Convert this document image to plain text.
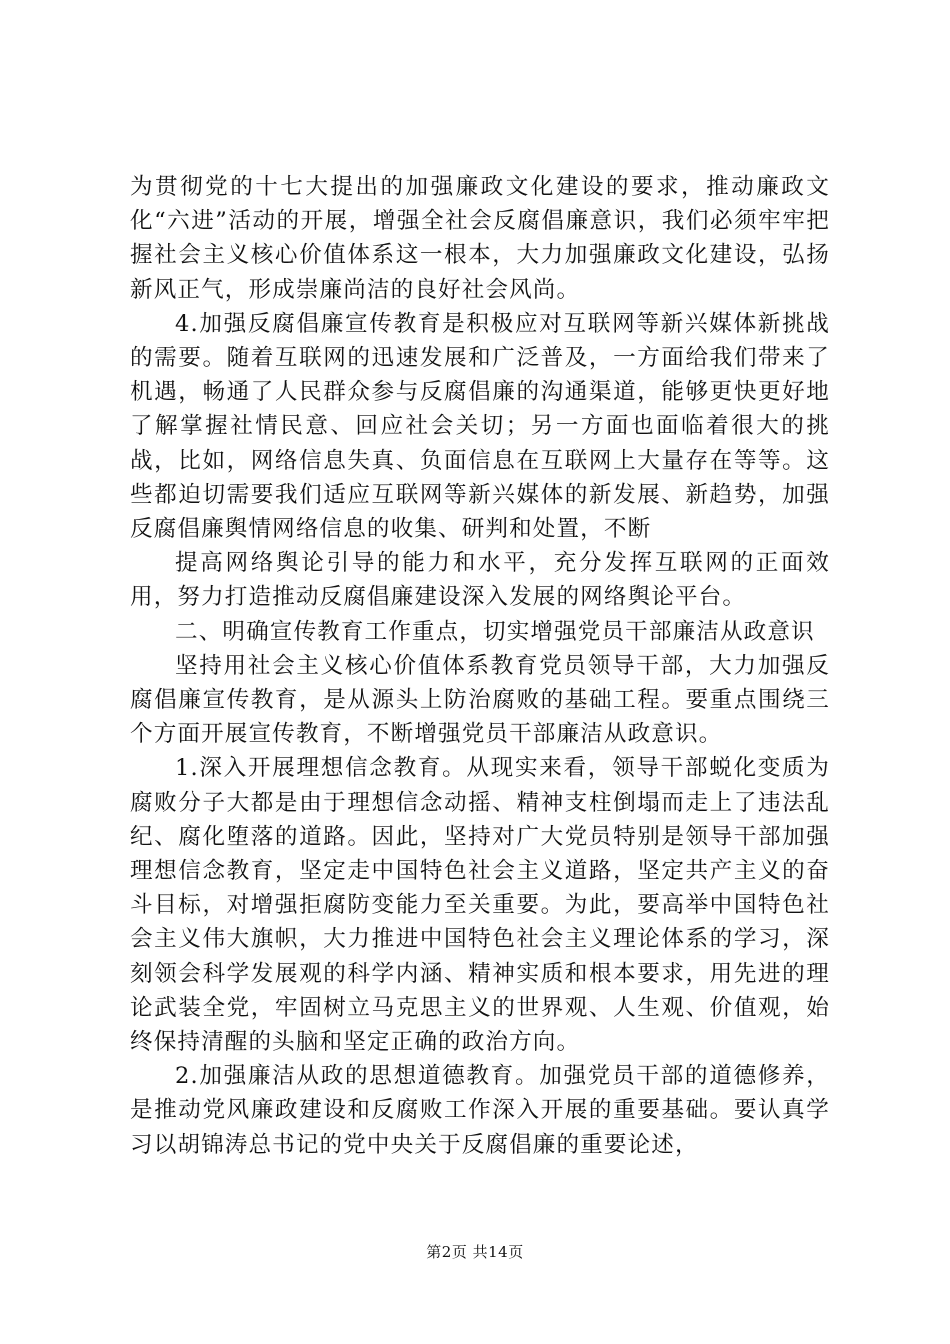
为贯彻党的十七大提出的加强廉政文化建设的要求，推动廉政文化“六进”活动的开展，增强全社会反腐倡廉意识，我们必须牢牢把握社会主义核心价值体系这一根本，大力加强廉政文化建设，弘扬新风正气，形成崇廉尚洁的良好社会风尚。

4.加强反腐倡廉宣传教育是积极应对互联网等新兴媒体新挑战的需要。随着互联网的迅速发展和广泛普及，一方面给我们带来了机遇，畅通了人民群众参与反腐倡廉的沟通渠道，能够更快更好地了解掌握社情民意、回应社会关切；另一方面也面临着很大的挑战，比如，网络信息失真、负面信息在互联网上大量存在等等。这些都迫切需要我们适应互联网等新兴媒体的新发展、新趋势，加强反腐倡廉舆情网络信息的收集、研判和处置，不断

提高网络舆论引导的能力和水平，充分发挥互联网的正面效用，努力打造推动反腐倡廉建设深入发展的网络舆论平台。

二、明确宣传教育工作重点，切实增强党员干部廉洁从政意识

坚持用社会主义核心价值体系教育党员领导干部，大力加强反腐倡廉宣传教育，是从源头上防治腐败的基础工程。要重点围绕三个方面开展宣传教育，不断增强党员干部廉洁从政意识。

1.深入开展理想信念教育。从现实来看，领导干部蜕化变质为腐败分子大都是由于理想信念动摇、精神支柱倒塌而走上了违法乱纪、腐化堕落的道路。因此，坚持对广大党员特别是领导干部加强理想信念教育，坚定走中国特色社会主义道路，坚定共产主义的奋斗目标，对增强拒腐防变能力至关重要。为此，要高举中国特色社会主义伟大旗帜，大力推进中国特色社会主义理论体系的学习，深刻领会科学发展观的科学内涵、精神实质和根本要求，用先进的理论武装全党，牢固树立马克思主义的世界观、人生观、价值观，始终保持清醒的头脑和坚定正确的政治方向。

2.加强廉洁从政的思想道德教育。加强党员干部的道德修养，是推动党风廉政建设和反腐败工作深入开展的重要基础。要认真学习以胡锦涛总书记的党中央关于反腐倡廉的重要论述，

第2页 共14页
